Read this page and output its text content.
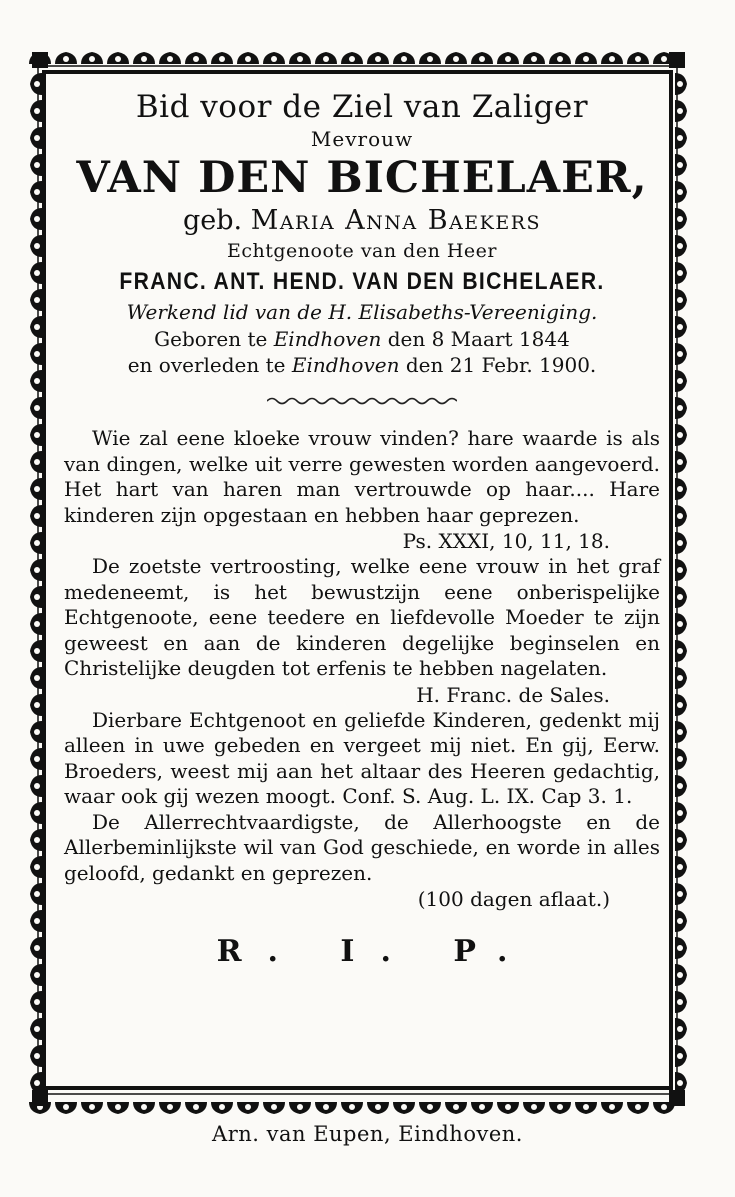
Bid voor de Ziel van Zaliger

Mevrouw

VAN DEN BICHELAER,

geb. Maria Anna Baekers

Echtgenoote van den Heer

FRANC. ANT. HEND. VAN DEN BICHELAER.

Werkend lid van de H. Elisabeths-Vereeniging.

Geboren te Eindhoven den 8 Maart 1844

en overleden te Eindhoven den 21 Febr. 1900.

Wie zal eene kloeke vrouw vinden? hare waarde is als van dingen, welke uit verre gewesten worden aangevoerd. Het hart van haren man vertrouwde op haar.... Hare kinderen zijn opgestaan en hebben haar geprezen.

Ps. XXXI, 10, 11, 18.

De zoetste vertroosting, welke eene vrouw in het graf medeneemt, is het bewustzijn eene onberispelijke Echtgenoote, eene teedere en liefdevolle Moeder te zijn geweest en aan de kinderen degelijke beginselen en Christelijke deugden tot erfenis te hebben nagelaten.

H. Franc. de Sales.

Dierbare Echtgenoot en geliefde Kinderen, gedenkt mij alleen in uwe gebeden en vergeet mij niet. En gij, Eerw. Broeders, weest mij aan het altaar des Heeren gedachtig, waar ook gij wezen moogt. Conf. S. Aug. L. IX. Cap 3. 1.

De Allerrechtvaardigste, de Allerhoogste en de Allerbeminlijkste wil van God geschiede, en worde in alles geloofd, gedankt en geprezen.

(100 dagen aflaat.)

R. I. P.

Arn. van Eupen, Eindhoven.
